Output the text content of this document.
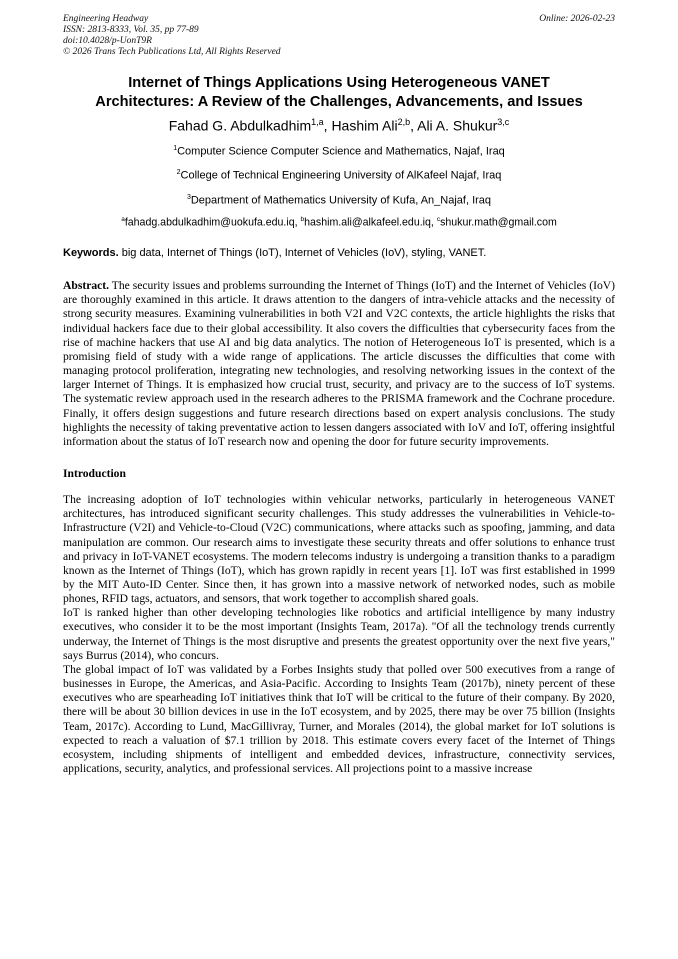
Engineering Headway
ISSN: 2813-8333, Vol. 35, pp 77-89
doi:10.4028/p-UonT9R
© 2026 Trans Tech Publications Ltd, All Rights Reserved
Online: 2026-02-23
Internet of Things Applications Using Heterogeneous VANET
Architectures: A Review of the Challenges, Advancements, and Issues
Fahad G. Abdulkadhim$^{1,a}$, Hashim Ali$^{2,b}$, Ali A. Shukur$^{3,c}$
$^1$Computer Science Computer Science and Mathematics, Najaf, Iraq
$^2$College of Technical Engineering University of AlKafeel Najaf, Iraq
$^3$Department of Mathematics University of Kufa, An_Najaf, Iraq
$^a$fahadg.abdulkadhim@uokufa.edu.iq, $^b$hashim.ali@alkafeel.edu.iq, $^c$shukur.math@gmail.com
Keywords. big data, Internet of Things (IoT), Internet of Vehicles (IoV), styling, VANET.

Abstract. The security issues and problems surrounding the Internet of Things (IoT) and the Internet of Vehicles (IoV) are thoroughly examined in this article. It draws attention to the dangers of intra-vehicle attacks and the necessity of strong security measures. Examining vulnerabilities in both V2I and V2C contexts, the article highlights the risks that individual hackers face due to their global accessibility. It also covers the difficulties that cybersecurity faces from the rise of machine hackers that use AI and big data analytics. The notion of Heterogeneous IoT is presented, which is a promising field of study with a wide range of applications. The article discusses the difficulties that come with managing protocol proliferation, integrating new technologies, and resolving networking issues in the context of the larger Internet of Things. It is emphasized how crucial trust, security, and privacy are to the success of IoT systems. The systematic review approach used in the research adheres to the PRISMA framework and the Cochrane procedure. Finally, it offers design suggestions and future research directions based on expert analysis conclusions. The study highlights the necessity of taking preventative action to lessen dangers associated with IoV and IoT, offering insightful information about the status of IoT research now and opening the door for future security improvements.

Introduction

The increasing adoption of IoT technologies within vehicular networks, particularly in heterogeneous VANET architectures, has introduced significant security challenges. This study addresses the vulnerabilities in Vehicle-to-Infrastructure (V2I) and Vehicle-to-Cloud (V2C) communications, where attacks such as spoofing, jamming, and data manipulation are common. Our research aims to investigate these security threats and offer solutions to enhance trust and privacy in IoT-VANET ecosystems. The modern telecoms industry is undergoing a transition thanks to a paradigm known as the Internet of Things (IoT), which has grown rapidly in recent years [1]. IoT was first established in 1999 by the MIT Auto-ID Center. Since then, it has grown into a massive network of networked nodes, such as mobile phones, RFID tags, actuators, and sensors, that work together to accomplish shared goals.

IoT is ranked higher than other developing technologies like robotics and artificial intelligence by many industry executives, who consider it to be the most important (Insights Team, 2017a). "Of all the technology trends currently underway, the Internet of Things is the most disruptive and presents the greatest opportunity over the next five years," says Burrus (2014), who concurs.

The global impact of IoT was validated by a Forbes Insights study that polled over 500 executives from a range of businesses in Europe, the Americas, and Asia-Pacific. According to Insights Team (2017b), ninety percent of these executives who are spearheading IoT initiatives think that IoT will be critical to the future of their company. By 2020, there will be about 30 billion devices in use in the IoT ecosystem, and by 2025, there may be over 75 billion (Insights Team, 2017c). According to Lund, MacGillivray, Turner, and Morales (2014), the global market for IoT solutions is expected to reach a valuation of $7.1 trillion by 2018. This estimate covers every facet of the Internet of Things ecosystem, including shipments of intelligent and embedded devices, infrastructure, connectivity services, applications, security, analytics, and professional services. All projections point to a massive increase
